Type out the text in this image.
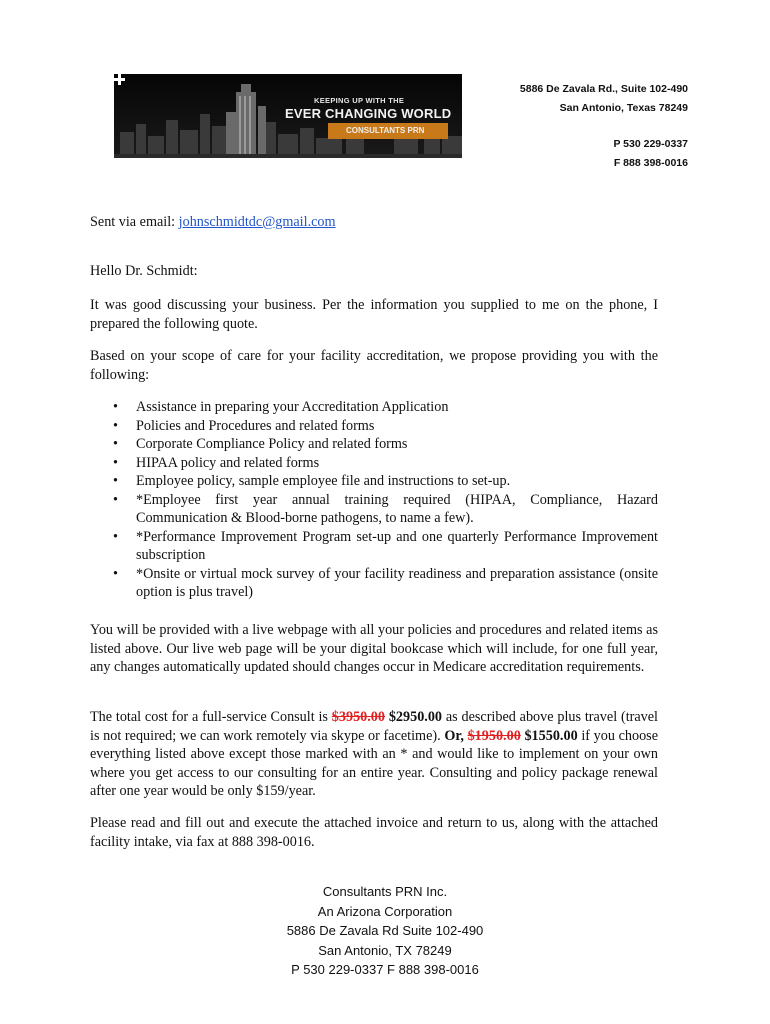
KEEPING UP WITH THE
EVER CHANGING WORLD
CONSULTANTS PRN
5886 De Zavala Rd., Suite 102-490
San Antonio, Texas 78249
P 530 229-0337
F 888 398-0016
Sent via email: johnschmidtdc@gmail.com
Hello Dr. Schmidt:
It was good discussing your business. Per the information you supplied to me on the phone, I prepared the following quote.
Based on your scope of care for your facility accreditation, we propose providing you with the following:
• Assistance in preparing your Accreditation Application
• Policies and Procedures and related forms
• Corporate Compliance Policy and related forms
• HIPAA policy and related forms
• Employee policy, sample employee file and instructions to set-up.
• *Employee first year annual training required (HIPAA, Compliance, Hazard Communication & Blood-borne pathogens, to name a few).
• *Performance Improvement Program set-up and one quarterly Performance Improvement subscription
• *Onsite or virtual mock survey of your facility readiness and preparation assistance (onsite option is plus travel)
You will be provided with a live webpage with all your policies and procedures and related items as listed above. Our live web page will be your digital bookcase which will include, for one full year, any changes automatically updated should changes occur in Medicare accreditation requirements.
The total cost for a full-service Consult is $3950.00 $2950.00 as described above plus travel (travel is not required; we can work remotely via skype or facetime). Or, $1950.00 $1550.00 if you choose everything listed above except those marked with an * and would like to implement on your own where you get access to our consulting for an entire year. Consulting and policy package renewal after one year would be only $159/year.
Please read and fill out and execute the attached invoice and return to us, along with the attached facility intake, via fax at 888 398-0016.
Consultants PRN Inc.
An Arizona Corporation
5886 De Zavala Rd Suite 102-490
San Antonio, TX 78249
P 530 229-0337 F 888 398-0016
